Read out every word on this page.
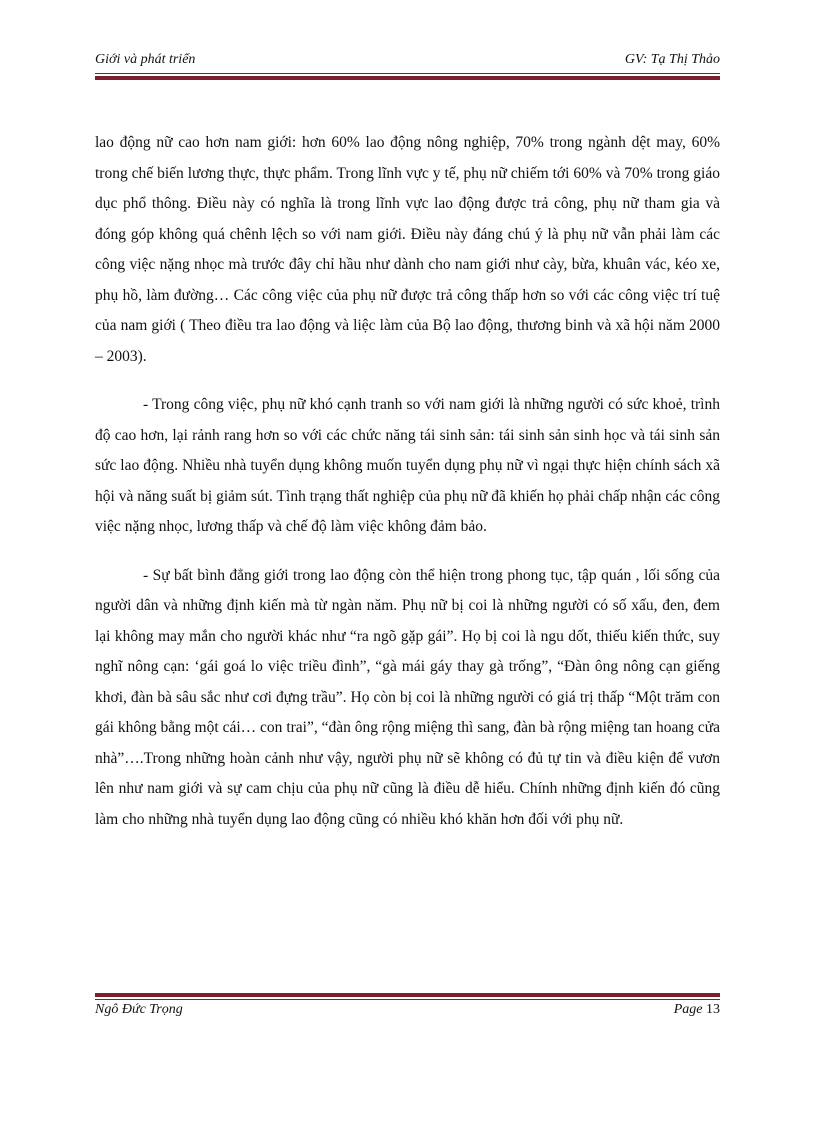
Giới và phát triển	GV: Tạ Thị Thảo

lao động nữ cao hơn nam giới: hơn 60% lao động nông nghiệp, 70% trong ngành dệt may, 60% trong chế biến lương thực, thực phẩm. Trong lĩnh vực y tế, phụ nữ chiếm tới 60% và 70% trong giáo dục phổ thông. Điều này có nghĩa là trong lĩnh vực lao động được trả công, phụ nữ tham gia và đóng góp không quá chênh lệch so với nam giới. Điều này đáng chú ý là phụ nữ vẫn phải làm các công việc nặng nhọc mà trước đây chỉ hầu như dành cho nam giới như cày, bừa, khuân vác, kéo xe, phụ hồ, làm đường… Các công việc của phụ nữ được trả công thấp hơn so với các công việc trí tuệ của nam giới ( Theo điều tra lao động và liệc làm của Bộ lao động, thương binh và xã hội năm 2000 – 2003).

- Trong công việc, phụ nữ khó cạnh tranh so với nam giới là những người có sức khoẻ, trình độ cao hơn, lại rảnh rang hơn so với các chức năng tái sinh sản: tái sinh sản sinh học và tái sinh sản sức lao động. Nhiều nhà tuyển dụng không muốn tuyển dụng phụ nữ vì ngại thực hiện chính sách xã hội và năng suất bị giảm sút. Tình trạng thất nghiệp của phụ nữ đã khiến họ phải chấp nhận các công việc nặng nhọc, lương thấp và chế độ làm việc không đảm bảo.

- Sự bất bình đẳng giới trong lao động còn thể hiện trong phong tục, tập quán , lối sống của người dân và những định kiến mà từ ngàn năm. Phụ nữ bị coi là những người có số xấu, đen, đem lại không may mắn cho người khác như “ra ngõ gặp gái”. Họ bị coi là ngu dốt, thiếu kiến thức, suy nghĩ nông cạn: ‘gái goá lo việc triều đình”, “gà mái gáy thay gà trống”, “Đàn ông nông cạn giếng khơi, đàn bà sâu sắc như cơi đựng trầu”. Họ còn bị coi là những người có giá trị thấp “Một trăm con gái không bằng một cái… con trai”, “đàn ông rộng miệng thì sang, đàn bà rộng miệng tan hoang cửa nhà”….Trong những hoàn cảnh như vậy, người phụ nữ sẽ không có đủ tự tin và điều kiện để vươn lên như nam giới và sự cam chịu của phụ nữ cũng là điều dễ hiểu. Chính những định kiến đó cũng làm cho những nhà tuyển dụng lao động cũng có nhiều khó khăn hơn đối với phụ nữ.

Ngô Đức Trọng	Page 13
